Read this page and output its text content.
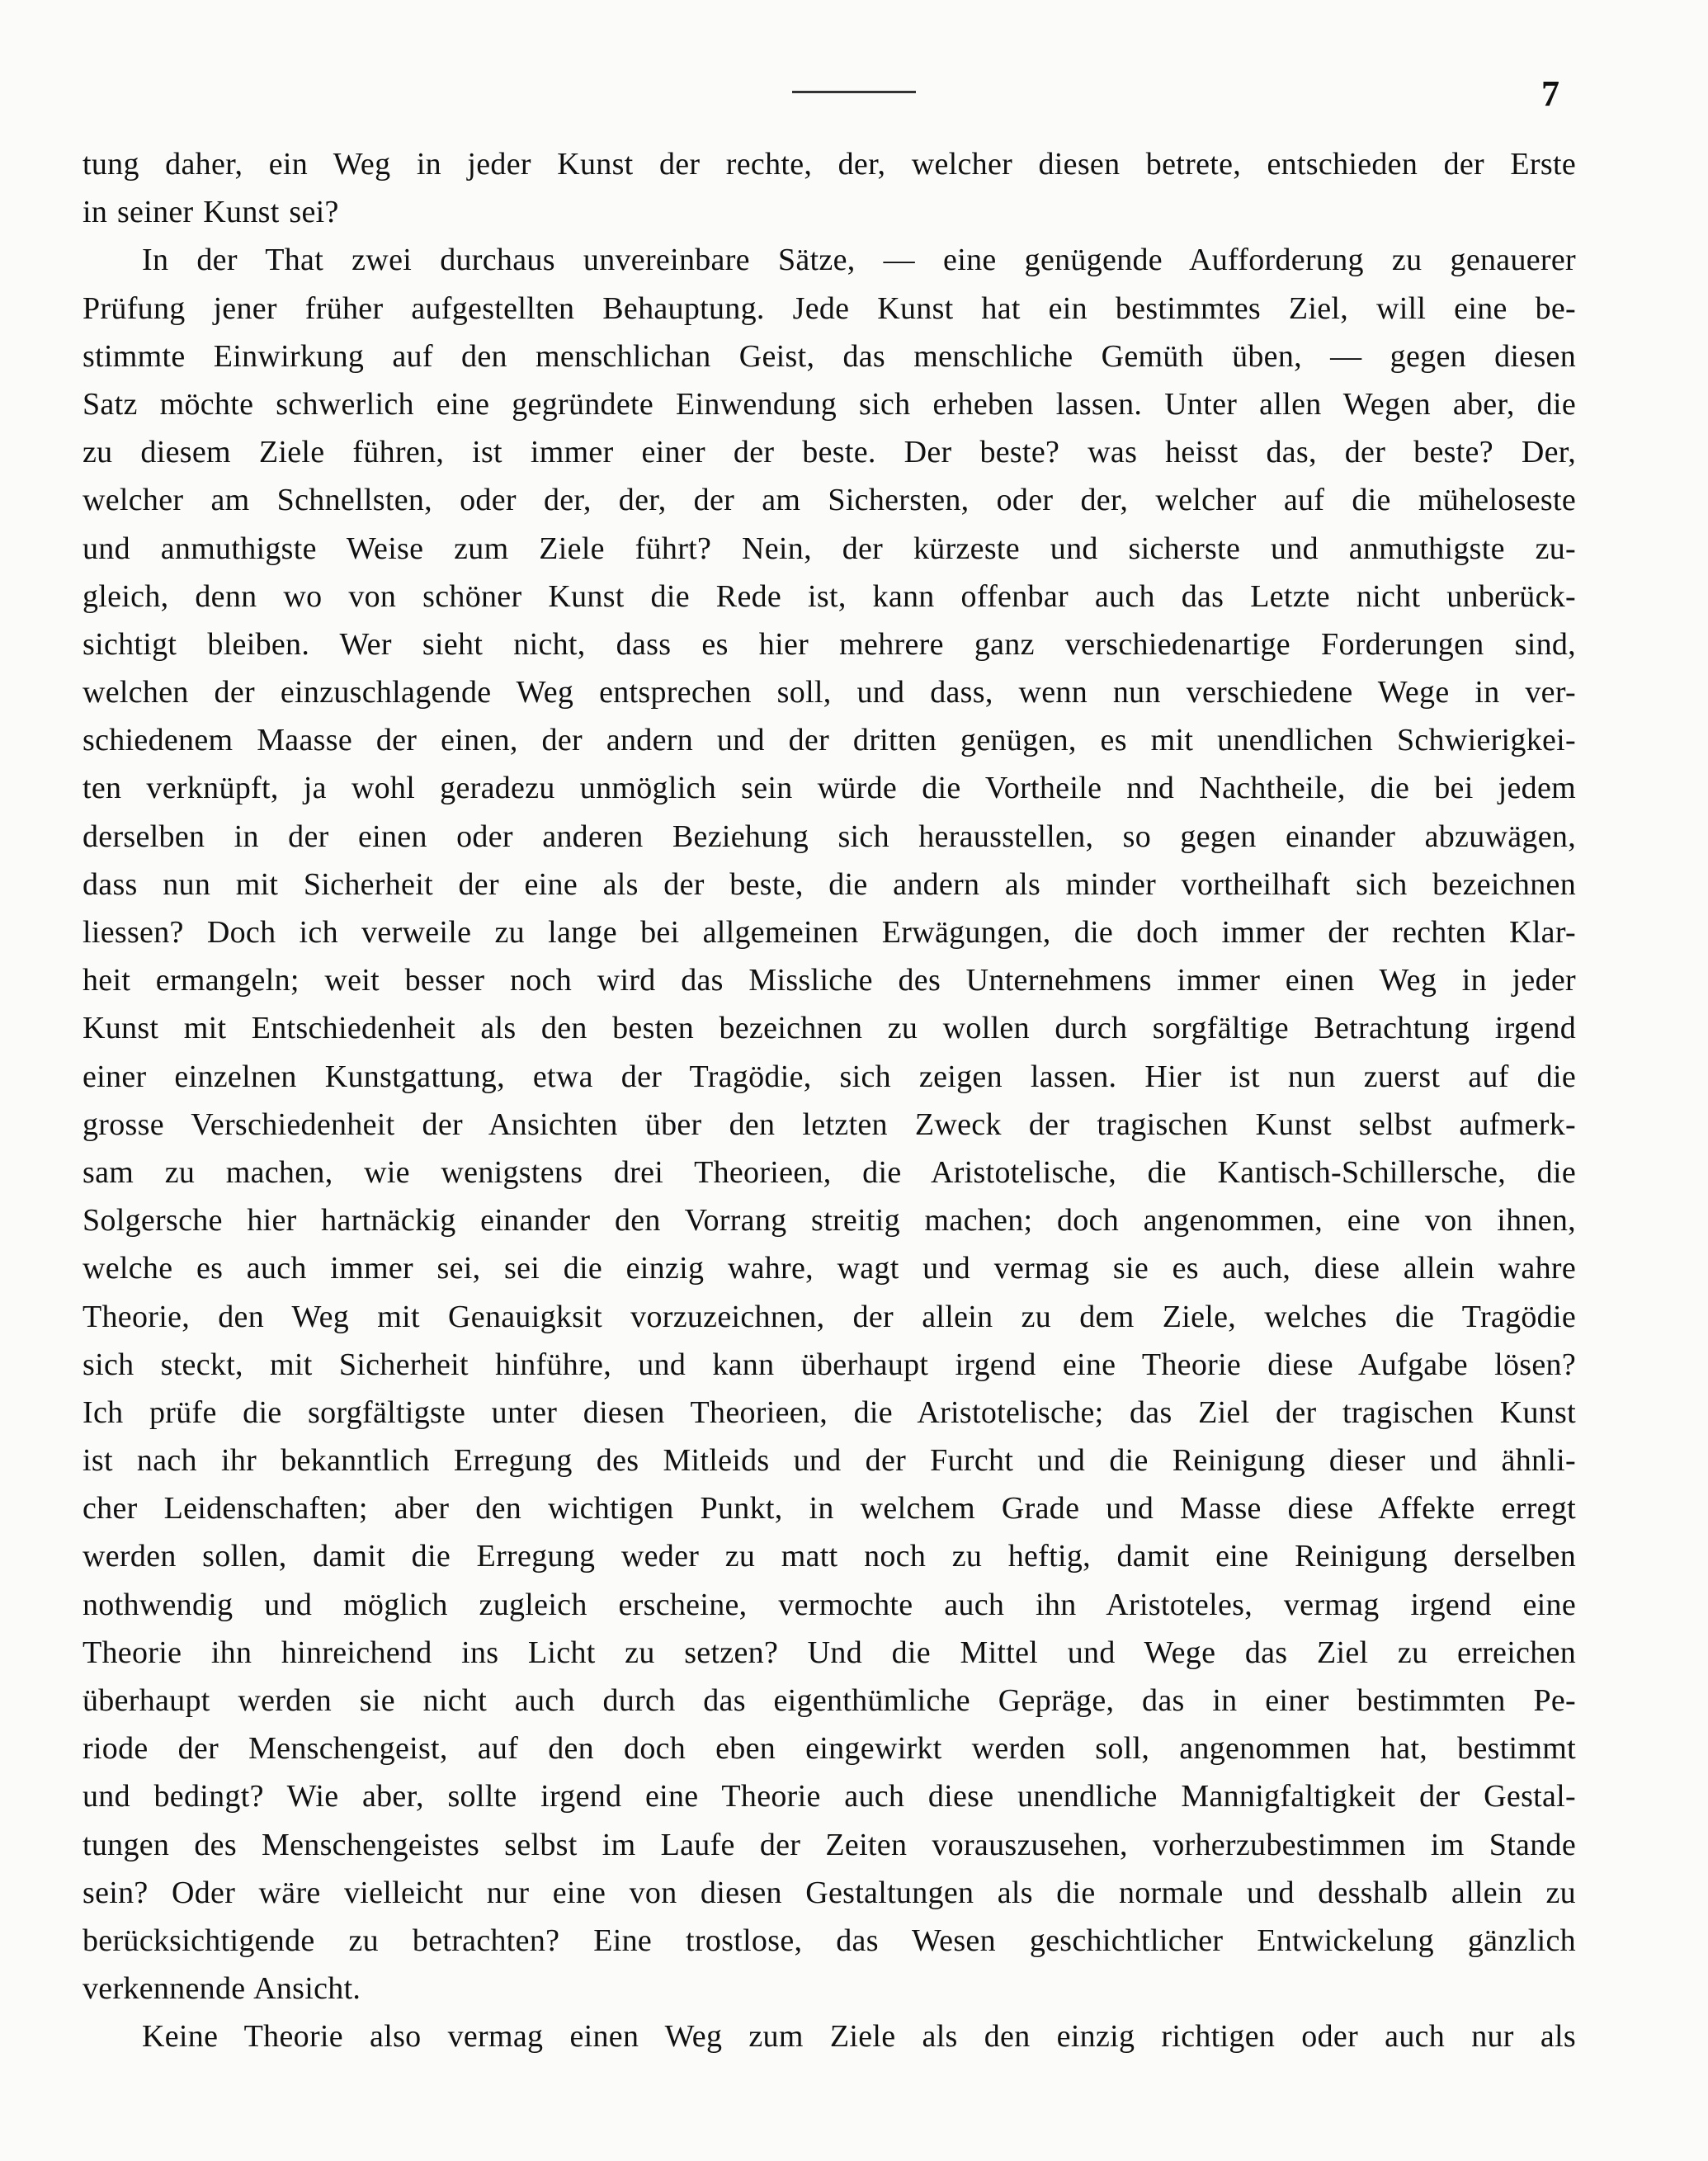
7
tung daher, ein Weg in jeder Kunst der rechte, der, welcher diesen betrete, entschieden der Erste
in seiner Kunst sei?
In der That zwei durchaus unvereinbare Sätze, — eine genügende Aufforderung zu genauerer
Prüfung jener früher aufgestellten Behauptung. Jede Kunst hat ein bestimmtes Ziel, will eine be-
stimmte Einwirkung auf den menschlichan Geist, das menschliche Gemüth üben, — gegen diesen
Satz möchte schwerlich eine gegründete Einwendung sich erheben lassen. Unter allen Wegen aber, die
zu diesem Ziele führen, ist immer einer der beste. Der beste? was heisst das, der beste? Der,
welcher am Schnellsten, oder der, der, der am Sichersten, oder der, welcher auf die müheloseste
und anmuthigste Weise zum Ziele führt? Nein, der kürzeste und sicherste und anmuthigste zu-
gleich, denn wo von schöner Kunst die Rede ist, kann offenbar auch das Letzte nicht unberück-
sichtigt bleiben. Wer sieht nicht, dass es hier mehrere ganz verschiedenartige Forderungen sind,
welchen der einzuschlagende Weg entsprechen soll, und dass, wenn nun verschiedene Wege in ver-
schiedenem Maasse der einen, der andern und der dritten genügen, es mit unendlichen Schwierigkei-
ten verknüpft, ja wohl geradezu unmöglich sein würde die Vortheile nnd Nachtheile, die bei jedem
derselben in der einen oder anderen Beziehung sich herausstellen, so gegen einander abzuwägen,
dass nun mit Sicherheit der eine als der beste, die andern als minder vortheilhaft sich bezeichnen
liessen? Doch ich verweile zu lange bei allgemeinen Erwägungen, die doch immer der rechten Klar-
heit ermangeln; weit besser noch wird das Missliche des Unternehmens immer einen Weg in jeder
Kunst mit Entschiedenheit als den besten bezeichnen zu wollen durch sorgfältige Betrachtung irgend
einer einzelnen Kunstgattung, etwa der Tragödie, sich zeigen lassen. Hier ist nun zuerst auf die
grosse Verschiedenheit der Ansichten über den letzten Zweck der tragischen Kunst selbst aufmerk-
sam zu machen, wie wenigstens drei Theorieen, die Aristotelische, die Kantisch-Schillersche, die
Solgersche hier hartnäckig einander den Vorrang streitig machen; doch angenommen, eine von ihnen,
welche es auch immer sei, sei die einzig wahre, wagt und vermag sie es auch, diese allein wahre
Theorie, den Weg mit Genauigksit vorzuzeichnen, der allein zu dem Ziele, welches die Tragödie
sich steckt, mit Sicherheit hinführe, und kann überhaupt irgend eine Theorie diese Aufgabe lösen?
Ich prüfe die sorgfältigste unter diesen Theorieen, die Aristotelische; das Ziel der tragischen Kunst
ist nach ihr bekanntlich Erregung des Mitleids und der Furcht und die Reinigung dieser und ähnli-
cher Leidenschaften; aber den wichtigen Punkt, in welchem Grade und Masse diese Affekte erregt
werden sollen, damit die Erregung weder zu matt noch zu heftig, damit eine Reinigung derselben
nothwendig und möglich zugleich erscheine, vermochte auch ihn Aristoteles, vermag irgend eine
Theorie ihn hinreichend ins Licht zu setzen? Und die Mittel und Wege das Ziel zu erreichen
überhaupt werden sie nicht auch durch das eigenthümliche Gepräge, das in einer bestimmten Pe-
riode der Menschengeist, auf den doch eben eingewirkt werden soll, angenommen hat, bestimmt
und bedingt? Wie aber, sollte irgend eine Theorie auch diese unendliche Mannigfaltigkeit der Gestal-
tungen des Menschengeistes selbst im Laufe der Zeiten vorauszusehen, vorherzubestimmen im Stande
sein? Oder wäre vielleicht nur eine von diesen Gestaltungen als die normale und desshalb allein zu
berücksichtigende zu betrachten? Eine trostlose, das Wesen geschichtlicher Entwickelung gänzlich
verkennende Ansicht.
Keine Theorie also vermag einen Weg zum Ziele als den einzig richtigen oder auch nur als
